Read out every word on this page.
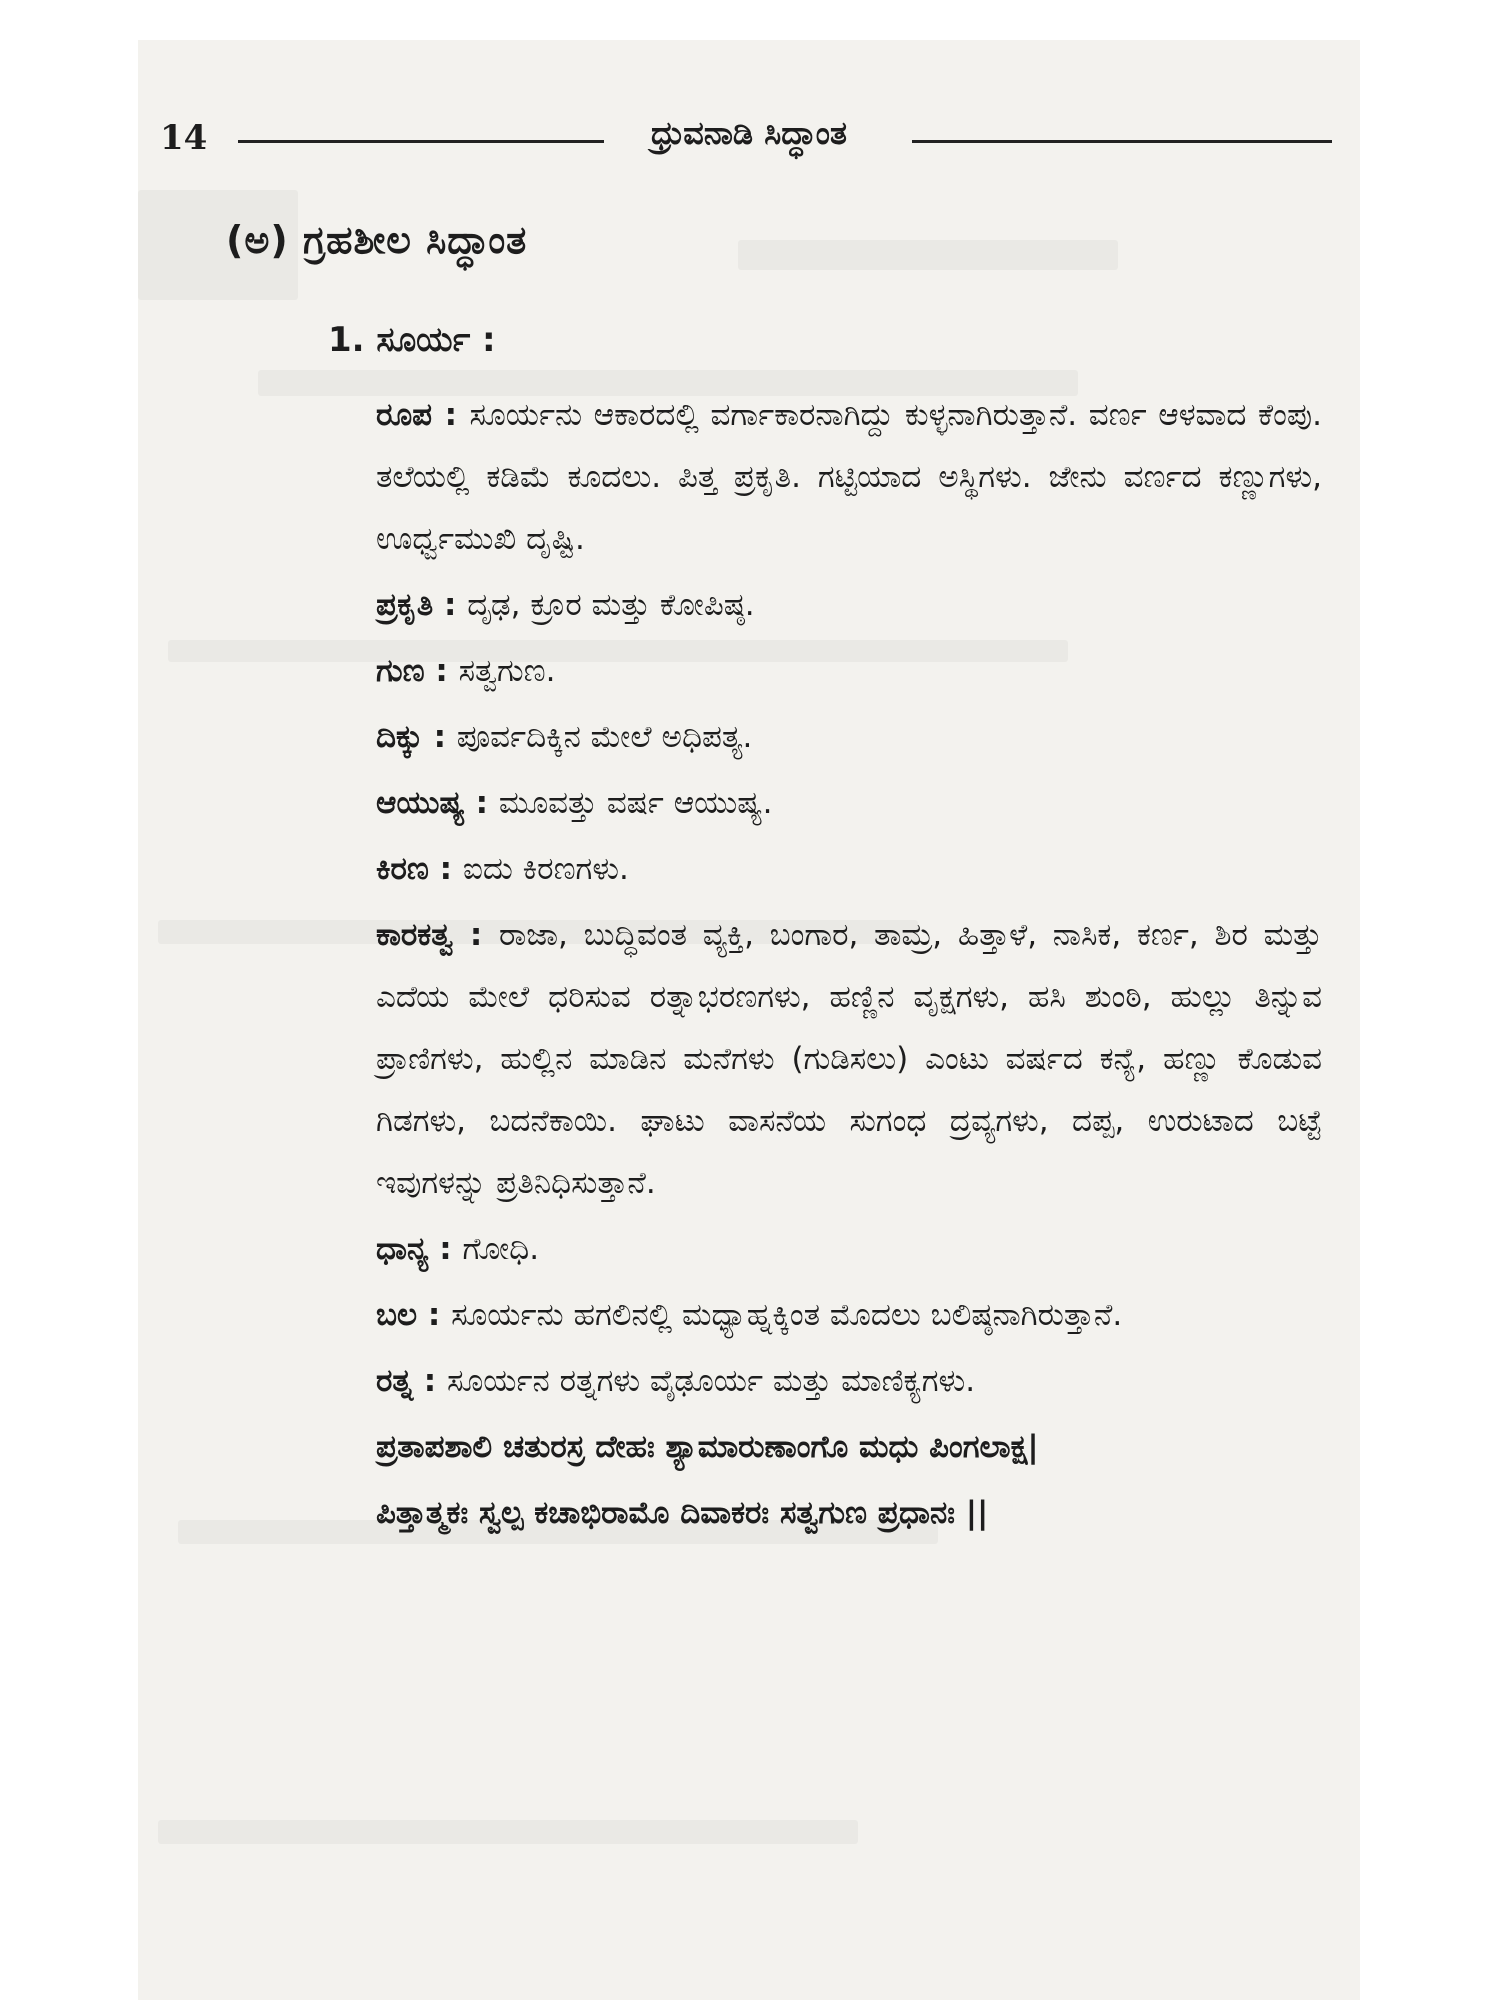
14	ಧ್ರುವನಾಡಿ ಸಿದ್ಧಾಂತ
(ಅ) ಗ್ರಹಶೀಲ ಸಿದ್ಧಾಂತ
1. ಸೂರ್ಯ :

ರೂಪ : ಸೂರ್ಯನು ಆಕಾರದಲ್ಲಿ ವರ್ಗಾಕಾರನಾಗಿದ್ದು ಕುಳ್ಳನಾಗಿರುತ್ತಾನೆ. ವರ್ಣ ಆಳವಾದ ಕೆಂಪು. ತಲೆಯಲ್ಲಿ ಕಡಿಮೆ ಕೂದಲು. ಪಿತ್ತ ಪ್ರಕೃತಿ. ಗಟ್ಟಿಯಾದ ಅಸ್ಥಿಗಳು. ಜೇನು ವರ್ಣದ ಕಣ್ಣುಗಳು, ಊರ್ಧ್ವಮುಖಿ ದೃಷ್ಟಿ.

ಪ್ರಕೃತಿ : ದೃಢ, ಕ್ರೂರ ಮತ್ತು ಕೋಪಿಷ್ಠ.

ಗುಣ : ಸತ್ವಗುಣ.

ದಿಕ್ಕು : ಪೂರ್ವದಿಕ್ಕಿನ ಮೇಲೆ ಅಧಿಪತ್ಯ.

ಆಯುಷ್ಯ : ಮೂವತ್ತು ವರ್ಷ ಆಯುಷ್ಯ.

ಕಿರಣ : ಐದು ಕಿರಣಗಳು.

ಕಾರಕತ್ವ : ರಾಜಾ, ಬುದ್ಧಿವಂತ ವ್ಯಕ್ತಿ, ಬಂಗಾರ, ತಾಮ್ರ, ಹಿತ್ತಾಳೆ, ನಾಸಿಕ, ಕರ್ಣ, ಶಿರ ಮತ್ತು ಎದೆಯ ಮೇಲೆ ಧರಿಸುವ ರತ್ನಾಭರಣಗಳು, ಹಣ್ಣಿನ ವೃಕ್ಷಗಳು, ಹಸಿ ಶುಂಠಿ, ಹುಲ್ಲು ತಿನ್ನುವ ಪ್ರಾಣಿಗಳು, ಹುಲ್ಲಿನ ಮಾಡಿನ ಮನೆಗಳು (ಗುಡಿಸಲು) ಎಂಟು ವರ್ಷದ ಕನ್ಯೆ, ಹಣ್ಣು ಕೊಡುವ ಗಿಡಗಳು, ಬದನೆಕಾಯಿ. ಘಾಟು ವಾಸನೆಯ ಸುಗಂಧ ದ್ರವ್ಯಗಳು, ದಪ್ಪ, ಉರುಟಾದ ಬಟ್ಟೆ ಇವುಗಳನ್ನು ಪ್ರತಿನಿಧಿಸುತ್ತಾನೆ.

ಧಾನ್ಯ : ಗೋಧಿ.

ಬಲ : ಸೂರ್ಯನು ಹಗಲಿನಲ್ಲಿ ಮಧ್ಯಾಹ್ನಕ್ಕಿಂತ ಮೊದಲು ಬಲಿಷ್ಠನಾಗಿರುತ್ತಾನೆ.

ರತ್ನ : ಸೂರ್ಯನ ರತ್ನಗಳು ವೈಢೂರ್ಯ ಮತ್ತು ಮಾಣಿಕ್ಯಗಳು.

ಪ್ರತಾಪಶಾಲಿ ಚತುರಸ್ರ ದೇಹಃ ಶ್ಯಾಮಾರುಣಾಂಗೊ ಮಧು ಪಿಂಗಲಾಕ್ಷ|

ಪಿತ್ತಾತ್ಮಕಃ ಸ್ವಲ್ಪ ಕಚಾಭಿರಾಮೊ ದಿವಾಕರಃ ಸತ್ವಗುಣ ಪ್ರಧಾನಃ ||
